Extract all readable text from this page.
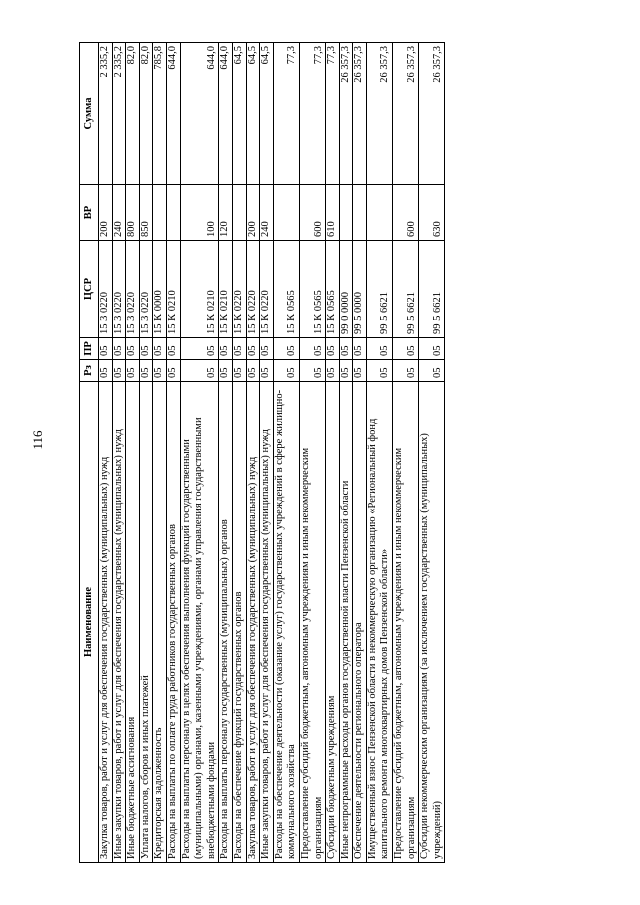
116
Наименование	Рз	ПР	ЦСР	ВР	Сумма
Закупка товаров, работ и услуг для обеспечения государственных (муниципальных) нужд	05	05	15 3 0220	200	2 335,2
Иные закупки товаров, работ и услуг для обеспечения государственных (муниципальных) нужд	05	05	15 3 0220	240	2 335,2
Иные бюджетные ассигнования	05	05	15 3 0220	800	82,0
Уплата налогов, сборов и иных платежей	05	05	15 3 0220	850	82,0
Кредиторская задолженность	05	05	15 К 0000		785,8
Расходы на выплаты по оплате труда работников государственных органов	05	05	15 К 0210		644,0
Расходы на выплаты персоналу в целях обеспечения выполнения функций государственными (муниципальными) органами, казенными учреждениями, органами управления государственными внебюджетными фондами	05	05	15 К 0210	100	644,0
Расходы на выплаты персоналу государственных (муниципальных) органов	05	05	15 К 0210	120	644,0
Расходы на обеспечение функций государственных органов	05	05	15 К 0220		64,5
Закупка товаров, работ и услуг для обеспечения государственных (муниципальных) нужд	05	05	15 К 0220	200	64,5
Иные закупки товаров, работ и услуг для обеспечения государственных (муниципальных) нужд	05	05	15 К 0220	240	64,5
Расходы на обеспечение деятельности (оказание услуг) государственных учреждений в сфере жилищно-коммунального хозяйства	05	05	15 К 0565		77,3
Предоставление субсидий бюджетным, автономным учреждениям и иным некоммерческим организациям	05	05	15 К 0565	600	77,3
Субсидии бюджетным учреждениям	05	05	15 К 0565	610	77,3
Иные непрограммные расходы органов государственной власти Пензенской области	05	05	99 0 0000		26 357,3
Обеспечение деятельности регионального оператора	05	05	99 5 0000		26 357,3
Имущественный взнос Пензенской области в некоммерческую организацию «Региональный фонд капитального ремонта многоквартирных домов Пензенской области»	05	05	99 5 6621		26 357,3
Предоставление субсидий бюджетным, автономным учреждениям и иным некоммерческим организациям	05	05	99 5 6621	600	26 357,3
Субсидии некоммерческим организациям (за исключением государственных (муниципальных) учреждений)	05	05	99 5 6621	630	26 357,3
